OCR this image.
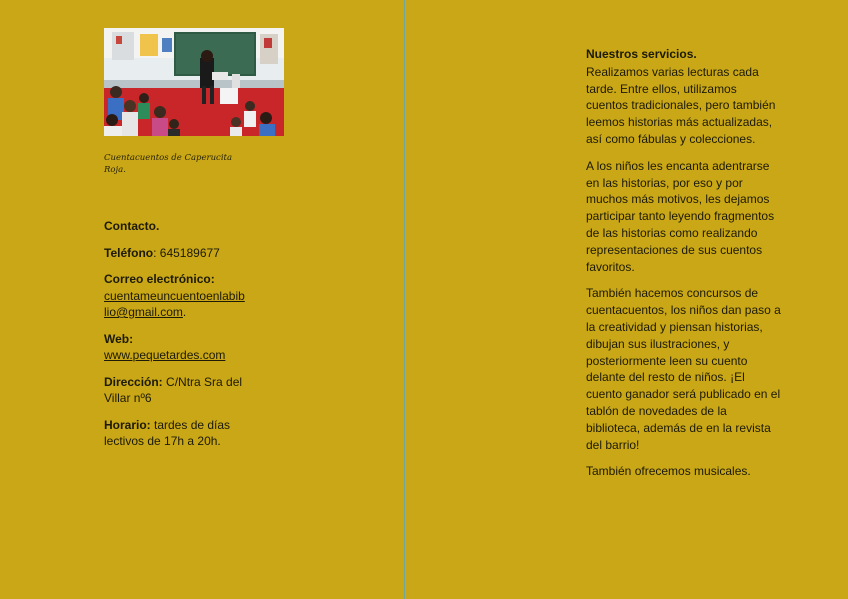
Cuentacuentos de Caperucita Roja.

Contacto.

Teléfono: 645189677

Correo electrónico:
cuentameuncuentoenlabib
lio@gmail.com.

Web:
www.pequetardes.com

Dirección: C/Ntra Sra del Villar nº6

Horario: tardes de días lectivos de 17h a 20h.

Nuestros servicios.

Realizamos varias lecturas cada tarde. Entre ellos, utilizamos cuentos tradicionales, pero también leemos historias más actualizadas, así como fábulas y colecciones.

A los niños les encanta adentrarse en las historias, por eso y por muchos más motivos, les dejamos participar tanto leyendo fragmentos de las historias como realizando representaciones de sus cuentos favoritos.

También hacemos concursos de cuentacuentos, los niños dan paso a la creatividad y piensan historias, dibujan sus ilustraciones, y posteriormente leen su cuento delante del resto de niños. ¡El cuento ganador será publicado en el tablón de novedades de la biblioteca, además de en la revista del barrio!

También ofrecemos musicales.
